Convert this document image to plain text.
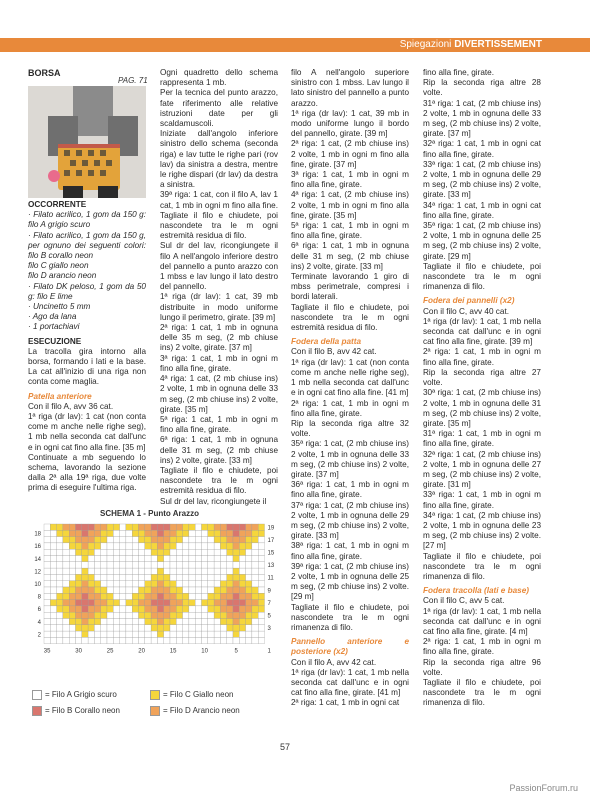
Spiegazioni DIVERTISSEMENT
BORSA
PAG. 71

OCCORRENTE

· Filato acrilico, 1 gom da 150 g: filo A grigio scuro

· Filato acrilico, 1 gom da 150 g, per ognuno dei seguenti colori: filo B corallo neon

filo C giallo neon

filo D arancio neon

· Filato DK peloso, 1 gom da 50 g: filo E lime

· Uncinetto 5 mm

· Ago da lana

· 1 portachiavi

ESECUZIONE

La tracolla gira intorno alla borsa, formando i lati e la base. La cat all'inizio di una riga non conta come maglia.

Patella anteriore

Con il filo A, avv 36 cat.

1ª riga (dr lav): 1 cat (non conta come m anche nelle righe seg), 1 mb nella seconda cat dall'unc e in ogni cat fino alla fine. [35 m]

Continuate a mb seguendo lo schema, lavorando la sezione dalla 2ª alla 19ª riga, due volte prima di eseguire l'ultima riga.

Ogni quadretto dello schema rappresenta 1 mb.

Per la tecnica del punto arazzo, fate riferimento alle relative istruzioni date per gli scaldamuscoli.

Iniziate dall'angolo inferiore sinistro dello schema (seconda riga) e lav tutte le righe pari (rov lav) da sinistra a destra, mentre le righe dispari (dr lav) da destra a sinistra.

39ª riga: 1 cat, con il filo A, lav 1 cat, 1 mb in ogni m fino alla fine. Tagliate il filo e chiudete, poi nascondete tra le m ogni estremità residua di filo.

Sul dr del lav, ricongiungete il filo A nell'angolo inferiore destro del pannello a punto arazzo con 1 mbss e lav lungo il lato destro del pannello.

1ª riga (dr lav): 1 cat, 39 mb distribuite in modo uniforme lungo il perimetro, girate. [39 m]

2ª riga: 1 cat, 1 mb in ognuna delle 35 m seg, (2 mb chiuse ins) 2 volte, girate. [37 m]

3ª riga: 1 cat, 1 mb in ogni m fino alla fine, girate.

4ª riga: 1 cat, (2 mb chiuse ins) 2 volte, 1 mb in ognuna delle 33 m seg, (2 mb chiuse ins) 2 volte, girate. [35 m]

5ª riga: 1 cat, 1 mb in ogni m fino alla fine, girate.

6ª riga: 1 cat, 1 mb in ognuna delle 31 m seg, (2 mb chiuse ins) 2 volte, girate. [33 m]

Tagliate il filo e chiudete, poi nascondete tra le m ogni estremità residua di filo.

Sul dr del lav, ricongiungete il

filo A nell'angolo superiore sinistro con 1 mbss. Lav lungo il lato sinistro del pannello a punto arazzo.

1ª riga (dr lav): 1 cat, 39 mb in modo uniforme lungo il bordo del pannello, girate. [39 m]

2ª riga: 1 cat, (2 mb chiuse ins) 2 volte, 1 mb in ogni m fino alla fine, girate. [37 m]

3ª riga: 1 cat, 1 mb in ogni m fino alla fine, girate.

4ª riga: 1 cat, (2 mb chiuse ins) 2 volte, 1 mb in ogni m fino alla fine, girate. [35 m]

5ª riga: 1 cat, 1 mb in ogni m fino alla fine, girate.

6ª riga: 1 cat, 1 mb in ognuna delle 31 m seg, (2 mb chiuse ins) 2 volte, girate. [33 m]

Terminate lavorando 1 giro di mbss perimetrale, compresi i bordi laterali.

Tagliate il filo e chiudete, poi nascondete tra le m ogni estremità residua di filo.

Fodera della patta

Con il filo B, avv 42 cat.

1ª riga (dr lav): 1 cat (non conta come m anche nelle righe seg), 1 mb nella seconda cat dall'unc e in ogni cat fino alla fine. [41 m]

2ª riga: 1 cat, 1 mb in ogni m fino alla fine, girate.

Rip la seconda riga altre 32 volte.

35ª riga: 1 cat, (2 mb chiuse ins) 2 volte, 1 mb in ognuna delle 33 m seg, (2 mb chiuse ins) 2 volte, girate. [37 m]

36ª riga: 1 cat, 1 mb in ogni m fino alla fine, girate.

37ª riga: 1 cat, (2 mb chiuse ins) 2 volte, 1 mb in ognuna delle 29 m seg, (2 mb chiuse ins) 2 volte, girate. [33 m]

38ª riga: 1 cat, 1 mb in ogni m fino alla fine, girate.

39ª riga: 1 cat, (2 mb chiuse ins) 2 volte, 1 mb in ognuna delle 25 m seg, (2 mb chiuse ins) 2 volte. [29 m]

Tagliate il filo e chiudete, poi nascondete tra le m ogni rimanenza di filo.

Pannello anteriore e posteriore (x2)

Con il filo A, avv 42 cat.

1ª riga (dr lav): 1 cat, 1 mb nella seconda cat dall'unc e in ogni cat fino alla fine, girate. [41 m]

2ª riga: 1 cat, 1 mb in ogni cat

fino alla fine, girate.

Rip la seconda riga altre 28 volte.

31ª riga: 1 cat, (2 mb chiuse ins) 2 volte, 1 mb in ognuna delle 33 m seg, (2 mb chiuse ins) 2 volte, girate. [37 m]

32ª riga: 1 cat, 1 mb in ogni cat fino alla fine, girate.

33ª riga: 1 cat, (2 mb chiuse ins) 2 volte, 1 mb in ognuna delle 29 m seg, (2 mb chiuse ins) 2 volte, girate. [33 m]

34ª riga: 1 cat, 1 mb in ogni cat fino alla fine, girate.

35ª riga: 1 cat, (2 mb chiuse ins) 2 volte, 1 mb in ognuna delle 25 m seg, (2 mb chiuse ins) 2 volte, girate. [29 m]

Tagliate il filo e chiudete, poi nascondete tra le m ogni rimanenza di filo.

Fodera dei pannelli (x2)

Con il filo C, avv 40 cat.

1ª riga (dr lav): 1 cat, 1 mb nella seconda cat dall'unc e in ogni cat fino alla fine, girate. [39 m]

2ª riga: 1 cat, 1 mb in ogni m fino alla fine, girate.

Rip la seconda riga altre 27 volte.

30ª riga: 1 cat, (2 mb chiuse ins) 2 volte, 1 mb in ognuna delle 31 m seg, (2 mb chiuse ins) 2 volte, girate. [35 m]

31ª riga: 1 cat, 1 mb in ogni m fino alla fine, girate.

32ª riga: 1 cat, (2 mb chiuse ins) 2 volte, 1 mb in ognuna delle 27 m seg, (2 mb chiuse ins) 2 volte, girate. [31 m]

33ª riga: 1 cat, 1 mb in ogni m fino alla fine, girate.

34ª riga: 1 cat, (2 mb chiuse ins) 2 volte, 1 mb in ognuna delle 23 m seg, (2 mb chiuse ins) 2 volte. [27 m]

Tagliate il filo e chiudete, poi nascondete tra le m ogni rimanenza di filo.

Fodera tracolla (lati e base)

Con il filo C, avv 5 cat.

1ª riga (dr lav): 1 cat, 1 mb nella seconda cat dall'unc e in ogni cat fino alla fine, girate. [4 m]

2ª riga: 1 cat, 1 mb in ogni m fino alla fine, girate.

Rip la seconda riga altre 96 volte.

Tagliate il filo e chiudete, poi nascondete tra le m ogni rimanenza di filo.

SCHEMA 1 - Punto Arazzo
35	30	25	20	15	10	5
18
16
14
12
10
8
6
4
2
19
17
15
13
11
9
7
5
3
1
= Filo A Grigio scuro	= Filo C Giallo neon
= Filo B Corallo neon	= Filo D Arancio neon
57
PassionForum.ru
